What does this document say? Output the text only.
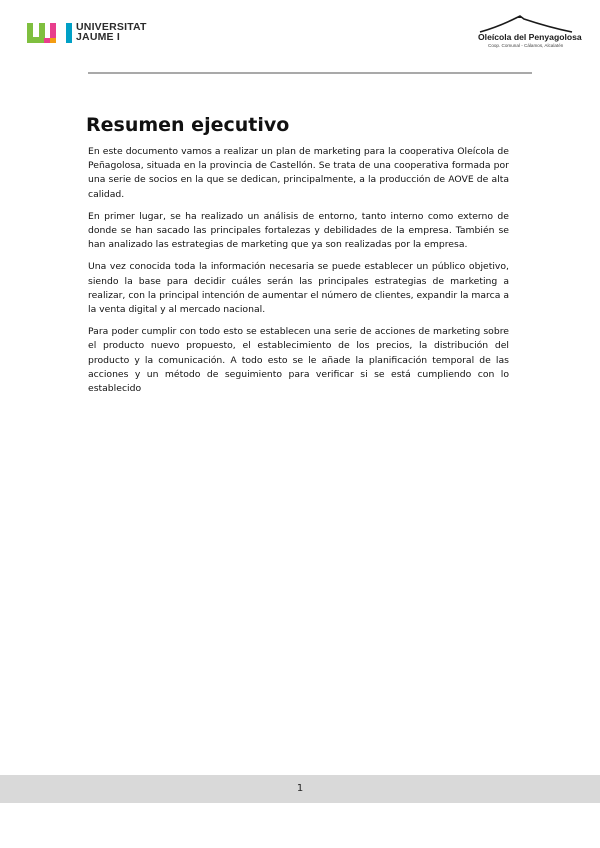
UNIVERSITAT
JAUME I	Oleícola del Penyagolosa
Coop. Comunal - Cálamos, Alcalatén
Resumen ejecutivo

En este documento vamos a realizar un plan de marketing para la cooperativa Oleícola de Peñagolosa, situada en la provincia de Castellón. Se trata de una cooperativa formada por una serie de socios en la que se dedican, principalmente, a la producción de AOVE de alta calidad.

En primer lugar, se ha realizado un análisis de entorno, tanto interno como externo de donde se han sacado las principales fortalezas y debilidades de la empresa. También se han analizado las estrategias de marketing que ya son realizadas por la empresa.

Una vez conocida toda la información necesaria se puede establecer un público objetivo, siendo la base para decidir cuáles serán las principales estrategias de marketing a realizar, con la principal intención de aumentar el número de clientes, expandir la marca a la venta digital y al mercado nacional.

Para poder cumplir con todo esto se establecen una serie de acciones de marketing sobre el producto nuevo propuesto, el establecimiento de los precios, la distribución del producto y la comunicación. A todo esto se le añade la planificación temporal de las acciones y un método de seguimiento para verificar si se está cumpliendo con lo establecido

1
